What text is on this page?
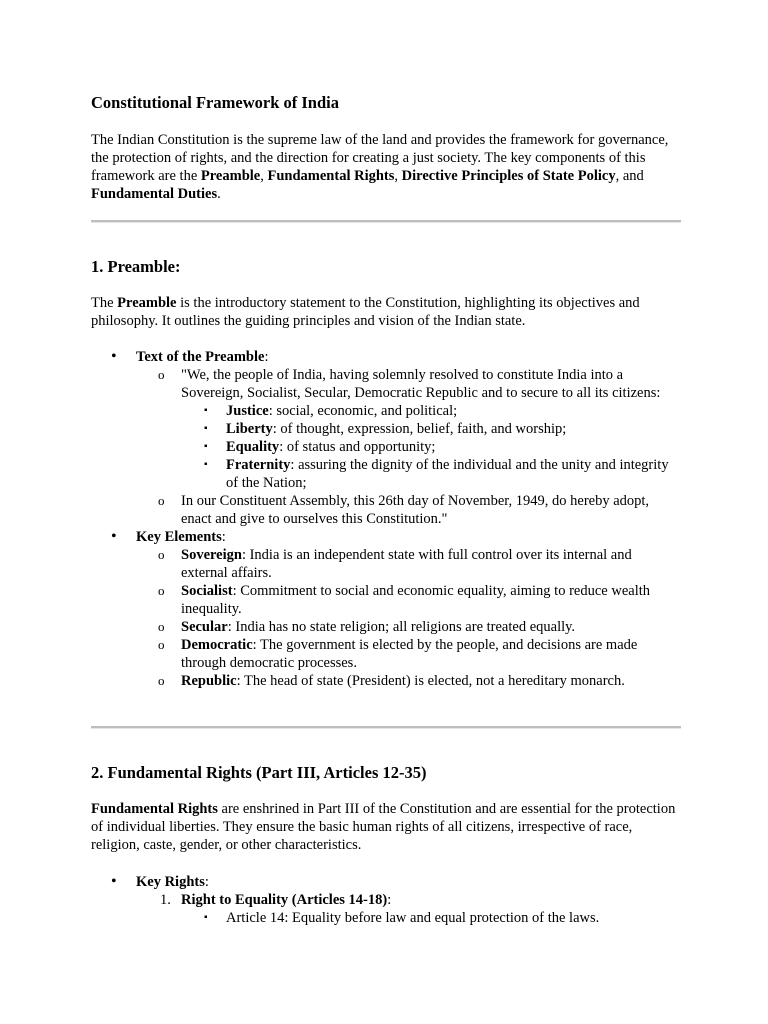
Constitutional Framework of India

The Indian Constitution is the supreme law of the land and provides the framework for governance, the protection of rights, and the direction for creating a just society. The key components of this framework are the Preamble, Fundamental Rights, Directive Principles of State Policy, and Fundamental Duties.

1. Preamble:

The Preamble is the introductory statement to the Constitution, highlighting its objectives and philosophy. It outlines the guiding principles and vision of the Indian state.

• Text of the Preamble:
o "We, the people of India, having solemnly resolved to constitute India into a Sovereign, Socialist, Secular, Democratic Republic and to secure to all its citizens:
▪ Justice: social, economic, and political;
▪ Liberty: of thought, expression, belief, faith, and worship;
▪ Equality: of status and opportunity;
▪ Fraternity: assuring the dignity of the individual and the unity and integrity of the Nation;
o In our Constituent Assembly, this 26th day of November, 1949, do hereby adopt, enact and give to ourselves this Constitution."
• Key Elements:
o Sovereign: India is an independent state with full control over its internal and external affairs.
o Socialist: Commitment to social and economic equality, aiming to reduce wealth inequality.
o Secular: India has no state religion; all religions are treated equally.
o Democratic: The government is elected by the people, and decisions are made through democratic processes.
o Republic: The head of state (President) is elected, not a hereditary monarch.
2. Fundamental Rights (Part III, Articles 12-35)

Fundamental Rights are enshrined in Part III of the Constitution and are essential for the protection of individual liberties. They ensure the basic human rights of all citizens, irrespective of race, religion, caste, gender, or other characteristics.

• Key Rights:
1. Right to Equality (Articles 14-18):
▪ Article 14: Equality before law and equal protection of the laws.
